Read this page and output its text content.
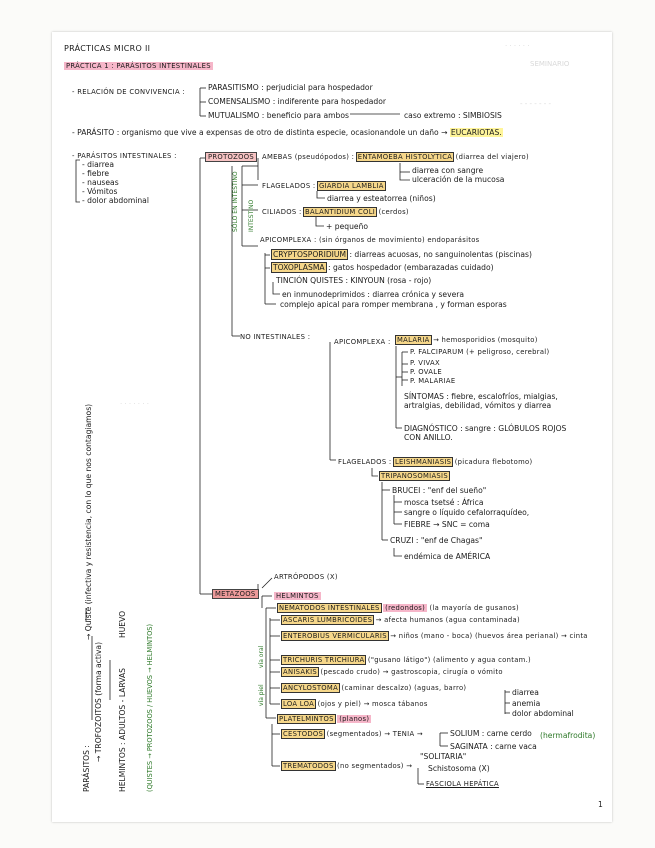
· · · · · ·
SEMINARIO
- - - - - - -
· · · · · · ·
PRÁCTICAS MICRO II
PRÁCTICA 1 : PARÁSITOS INTESTINALES
- RELACIÓN DE CONVIVENCIA :	PARASITISMO : perjudicial para hospedador
COMENSALISMO : indiferente para hospedador
MUTUALISMO : beneficio para ambos	caso extremo : SIMBIOSIS
- PARÁSITO : organismo que vive a expensas de otro de distinta especie, ocasionandole un daño → EUCARIOTAS.
- PARÁSITOS INTESTINALES :
- diarrea
- fiebre
- nauseas
- Vómitos
- dolor abdominal
PROTOZOOS
SÓLO EN INTESTINO INTESTINO
AMEBAS (pseudópodos) : ENTAMOEBA HISTOLYTICA (diarrea del viajero)
diarrea con sangre
ulceración de la mucosa
FLAGELADOS : GIARDIA LAMBLIA
diarrea y esteatorrea (niños)
CILIADOS : BALANTIDIUM COLI (cerdos)
+ pequeño
APICOMPLEXA : (sin órganos de movimiento) endoparásitos
CRYPTOSPORIDIUM : diarreas acuosas, no sanguinolentas (piscinas)
TOXOPLASMA : gatos hospedador (embarazadas cuidado)
TINCIÓN QUISTES : KINYOUN (rosa - rojo)
en inmunodeprimidos : diarrea crónica y severa
complejo apical para romper membrana , y forman esporas
NO INTESTINALES :
APICOMPLEXA : MALARIA → hemosporidios (mosquito)
P. FALCIPARUM (+ peligroso, cerebral)
P. VIVAX
P. OVALE
P. MALARIAE
SÍNTOMAS : fiebre, escalofríos, mialgias, artralgias, debilidad, vómitos y diarrea
DIAGNÓSTICO : sangre : GLÓBULOS ROJOS CON ANILLO.
FLAGELADOS : LEISHMANIASIS (picadura flebotomo)
TRIPANOSOMIASIS
BRUCEI : "enf del sueño"
mosca tsetsé : África
sangre o líquido cefalorraquídeo,
FIEBRE → SNC = coma
CRUZI : "enf de Chagas"
endémica de AMÉRICA
METAZOOS
ARTRÓPODOS (X)
HELMINTOS
NEMATODOS INTESTINALES (redondos) (la mayoría de gusanos)
vía oral
vía piel
ASCARIS LUMBRICOIDES → afecta humanos (agua contaminada)
ENTEROBIUS VERMICULARIS → niños (mano - boca) (huevos área perianal) → cinta
TRICHURIS TRICHIURA ("gusano látigo") (alimento y agua contam.)
ANISAKIS (pescado crudo) → gastroscopia, cirugía o vómito
ANCYLOSTOMA (caminar descalzo) (aguas, barro)
LOA LOA (ojos y piel) → mosca tábanos
diarrea
anemia
dolor abdominal
PLATELMINTOS (planos)
CESTODOS (segmentados) → TENIA →	SOLIUM : carne cerdo
SAGINATA : carne vaca
"SOLITARIA"
(hermafrodita)
TREMATODOS (no segmentados) → Schistosoma (X)
FASCIOLA HEPÁTICA
→ Quiste (infectiva y resistencia, con lo que nos contagiamos)
→ TROFOZOITOS (forma activa)
PARÁSITOS :	HELMINTOS : ADULTOS - LARVAS
HUEVO	(QUISTES → PROTOZOOS / HUEVOS → HELMINTOS)
1
